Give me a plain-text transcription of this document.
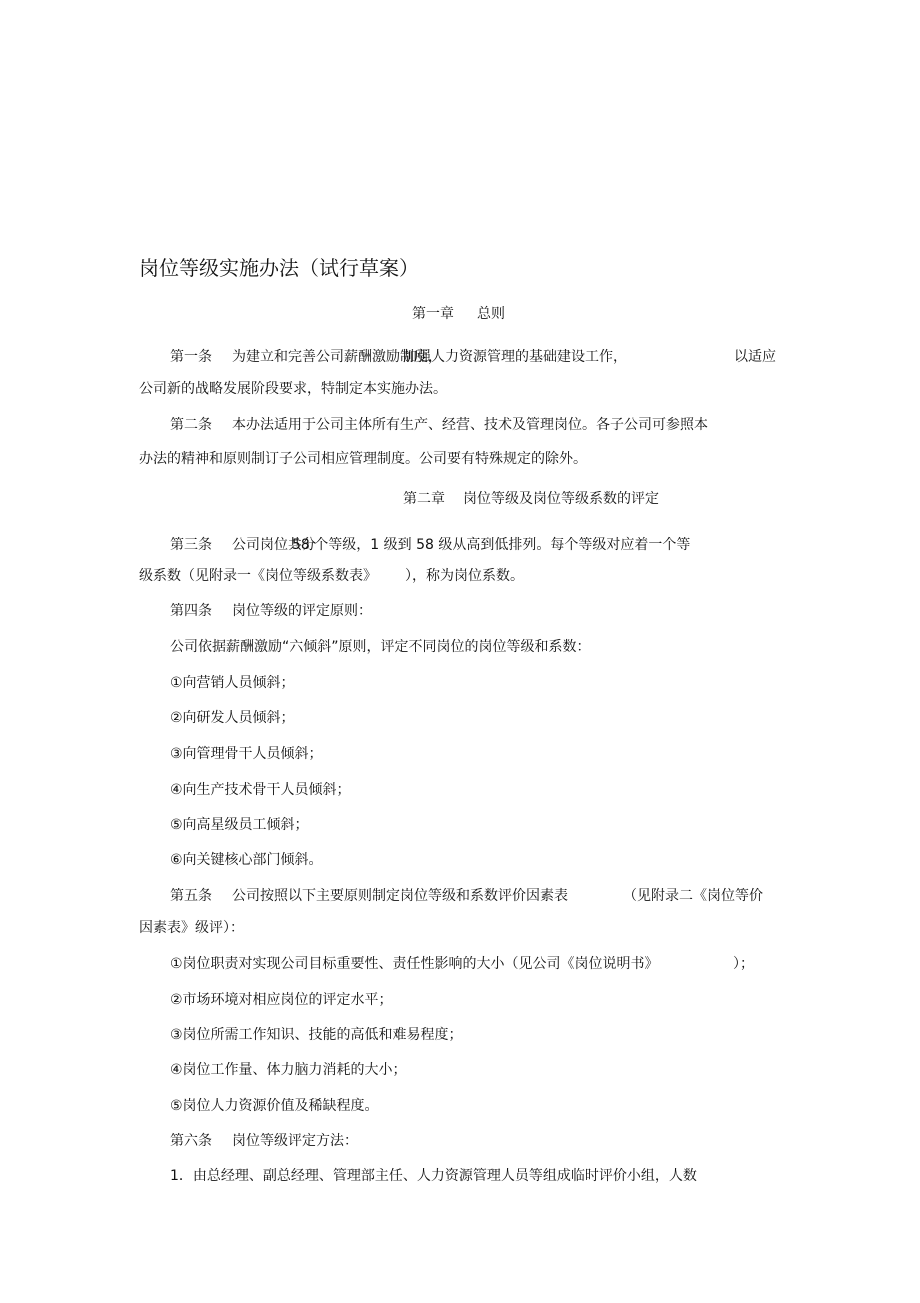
岗位等级实施办法（试行草案）
第一章 总则
第一条 为建立和完善公司薪酬激励制度，
加强人力资源管理的基础建设工作，	以适应
公司新的战略发展阶段要求，特制定本实施办法。
第二条 本办法适用于公司主体所有生产、经营、技术及管理岗位。各子公司可参照本
办法的精神和原则制订子公司相应管理制度。公司要有特殊规定的除外。
第二章 岗位等级及岗位等级系数的评定
第三条 公司岗位共分
58 个等级，1 级到 58 级从高到低排列。每个等级对应着一个等
级系数（见附录一《岗位等级系数表》 ），称为岗位系数。
第四条 岗位等级的评定原则：
公司依据薪酬激励“六倾斜”原则，评定不同岗位的岗位等级和系数：
①向营销人员倾斜；
②向研发人员倾斜；
③向管理骨干人员倾斜；
④向生产技术骨干人员倾斜；
⑤向高星级员工倾斜；
⑥向关键核心部门倾斜。
第五条 公司按照以下主要原则制定岗位等级和系数评价因素表	（见附录二《岗位等价
因素表》级评）：
①岗位职责对实现公司目标重要性、责任性影响的大小（见公司《岗位说明书》	）；
②市场环境对相应岗位的评定水平；
③岗位所需工作知识、技能的高低和难易程度；
④岗位工作量、体力脑力消耗的大小；
⑤岗位人力资源价值及稀缺程度。
第六条 岗位等级评定方法：
1．由总经理、副总经理、管理部主任、人力资源管理人员等组成临时评价小组，人数
